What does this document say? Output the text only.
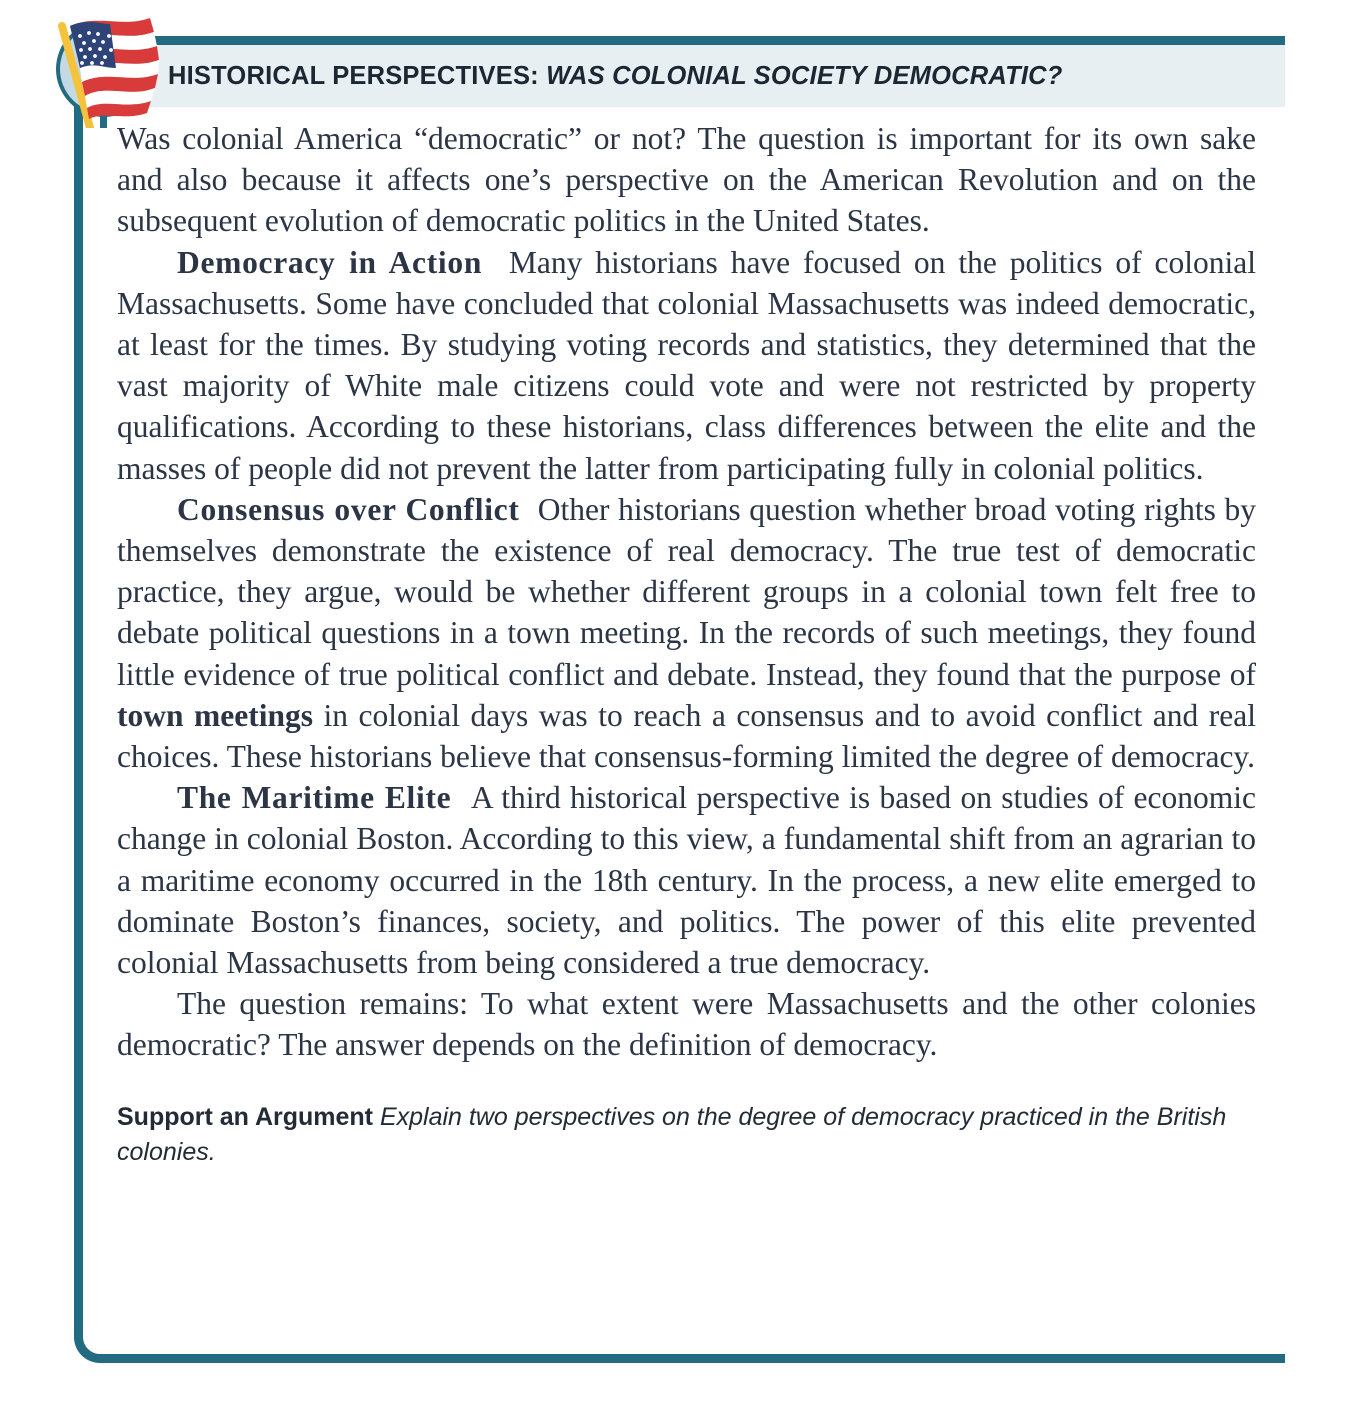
HISTORICAL PERSPECTIVES: WAS COLONIAL SOCIETY DEMOCRATIC?

Was colonial America “democratic” or not? The question is important for its own sake and also because it affects one’s perspective on the American Revolution and on the subsequent evolution of democratic politics in the United States.

Democracy in Action Many historians have focused on the politics of colonial Massachusetts. Some have concluded that colonial Massachusetts was indeed democratic, at least for the times. By studying voting records and statistics, they determined that the vast majority of White male citizens could vote and were not restricted by property qualifications. According to these historians, class differences between the elite and the masses of people did not prevent the latter from participating fully in colonial politics.

Consensus over Conflict Other historians question whether broad voting rights by themselves demonstrate the existence of real democracy. The true test of democratic practice, they argue, would be whether different groups in a colonial town felt free to debate political questions in a town meeting. In the records of such meetings, they found little evidence of true political conflict and debate. Instead, they found that the purpose of town meetings in colonial days was to reach a consensus and to avoid conflict and real choices. These historians believe that consensus-forming limited the degree of democracy.

The Maritime Elite A third historical perspective is based on studies of economic change in colonial Boston. According to this view, a fundamental shift from an agrarian to a maritime economy occurred in the 18th century. In the process, a new elite emerged to dominate Boston’s finances, society, and politics. The power of this elite prevented colonial Massachusetts from being considered a true democracy.

The question remains: To what extent were Massachusetts and the other colonies democratic? The answer depends on the definition of democracy.

Support an Argument Explain two perspectives on the degree of democracy practiced in the British colonies.
